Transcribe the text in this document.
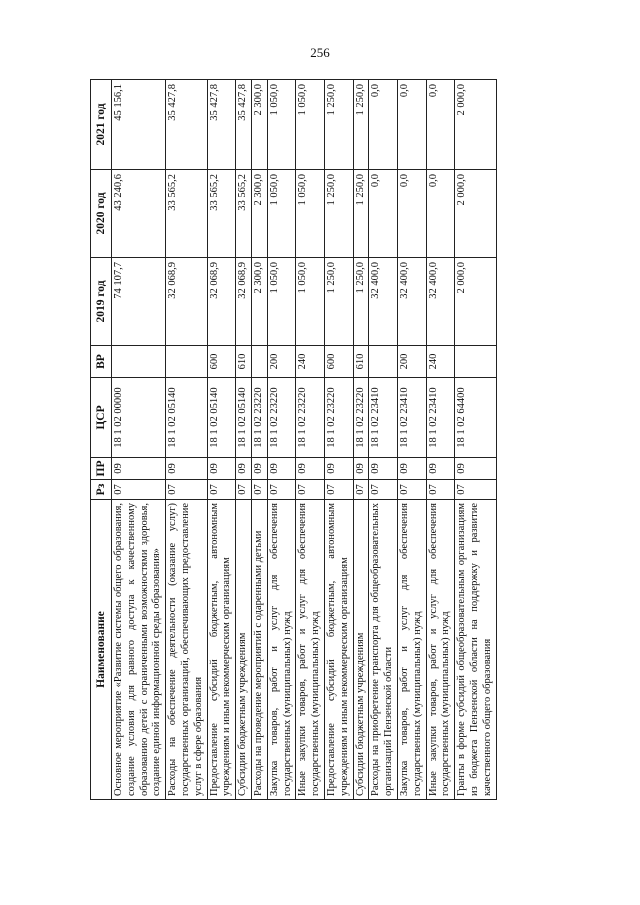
256
Наименование	Рз	ПР	ЦСР	ВР	2019 год	2020 год	2021 год
Основное мероприятие «Развитие системы общего образования, создание условия для равного доступа к качественному образованию детей с ограниченными возможностями здоровья, создание единой информационной среды образования»	07	09	18 1 02 00000		74 107,7	43 240,6	45 156,1
Расходы на обеспечение деятельности (оказание услуг) государственных организаций, обеспечивающих предоставление услуг в сфере образования	07	09	18 1 02 05140		32 068,9	33 565,2	35 427,8
Предоставление субсидий бюджетным, автономным учреждениям и иным некоммерческим организациям	07	09	18 1 02 05140	600	32 068,9	33 565,2	35 427,8
Субсидии бюджетным учреждениям	07	09	18 1 02 05140	610	32 068,9	33 565,2	35 427,8
Расходы на проведение мероприятий с одаренными детьми	07	09	18 1 02 23220		2 300,0	2 300,0	2 300,0
Закупка товаров, работ и услуг для обеспечения государственных (муниципальных) нужд	07	09	18 1 02 23220	200	1 050,0	1 050,0	1 050,0
Иные закупки товаров, работ и услуг для обеспечения государственных (муниципальных) нужд	07	09	18 1 02 23220	240	1 050,0	1 050,0	1 050,0
Предоставление субсидий бюджетным, автономным учреждениям и иным некоммерческим организациям	07	09	18 1 02 23220	600	1 250,0	1 250,0	1 250,0
Субсидии бюджетным учреждениям	07	09	18 1 02 23220	610	1 250,0	1 250,0	1 250,0
Расходы на приобретение транспорта для общеобразовательных организаций Пензенской области	07	09	18 1 02 23410		32 400,0	0,0	0,0
Закупка товаров, работ и услуг для обеспечения государственных (муниципальных) нужд	07	09	18 1 02 23410	200	32 400,0	0,0	0,0
Иные закупки товаров, работ и услуг для обеспечения государственных (муниципальных) нужд	07	09	18 1 02 23410	240	32 400,0	0,0	0,0
Гранты в форме субсидий общеобразовательным организациям из бюджета Пензенской области на поддержку и развитие качественного общего образования	07	09	18 1 02 64400		2 000,0	2 000,0	2 000,0
